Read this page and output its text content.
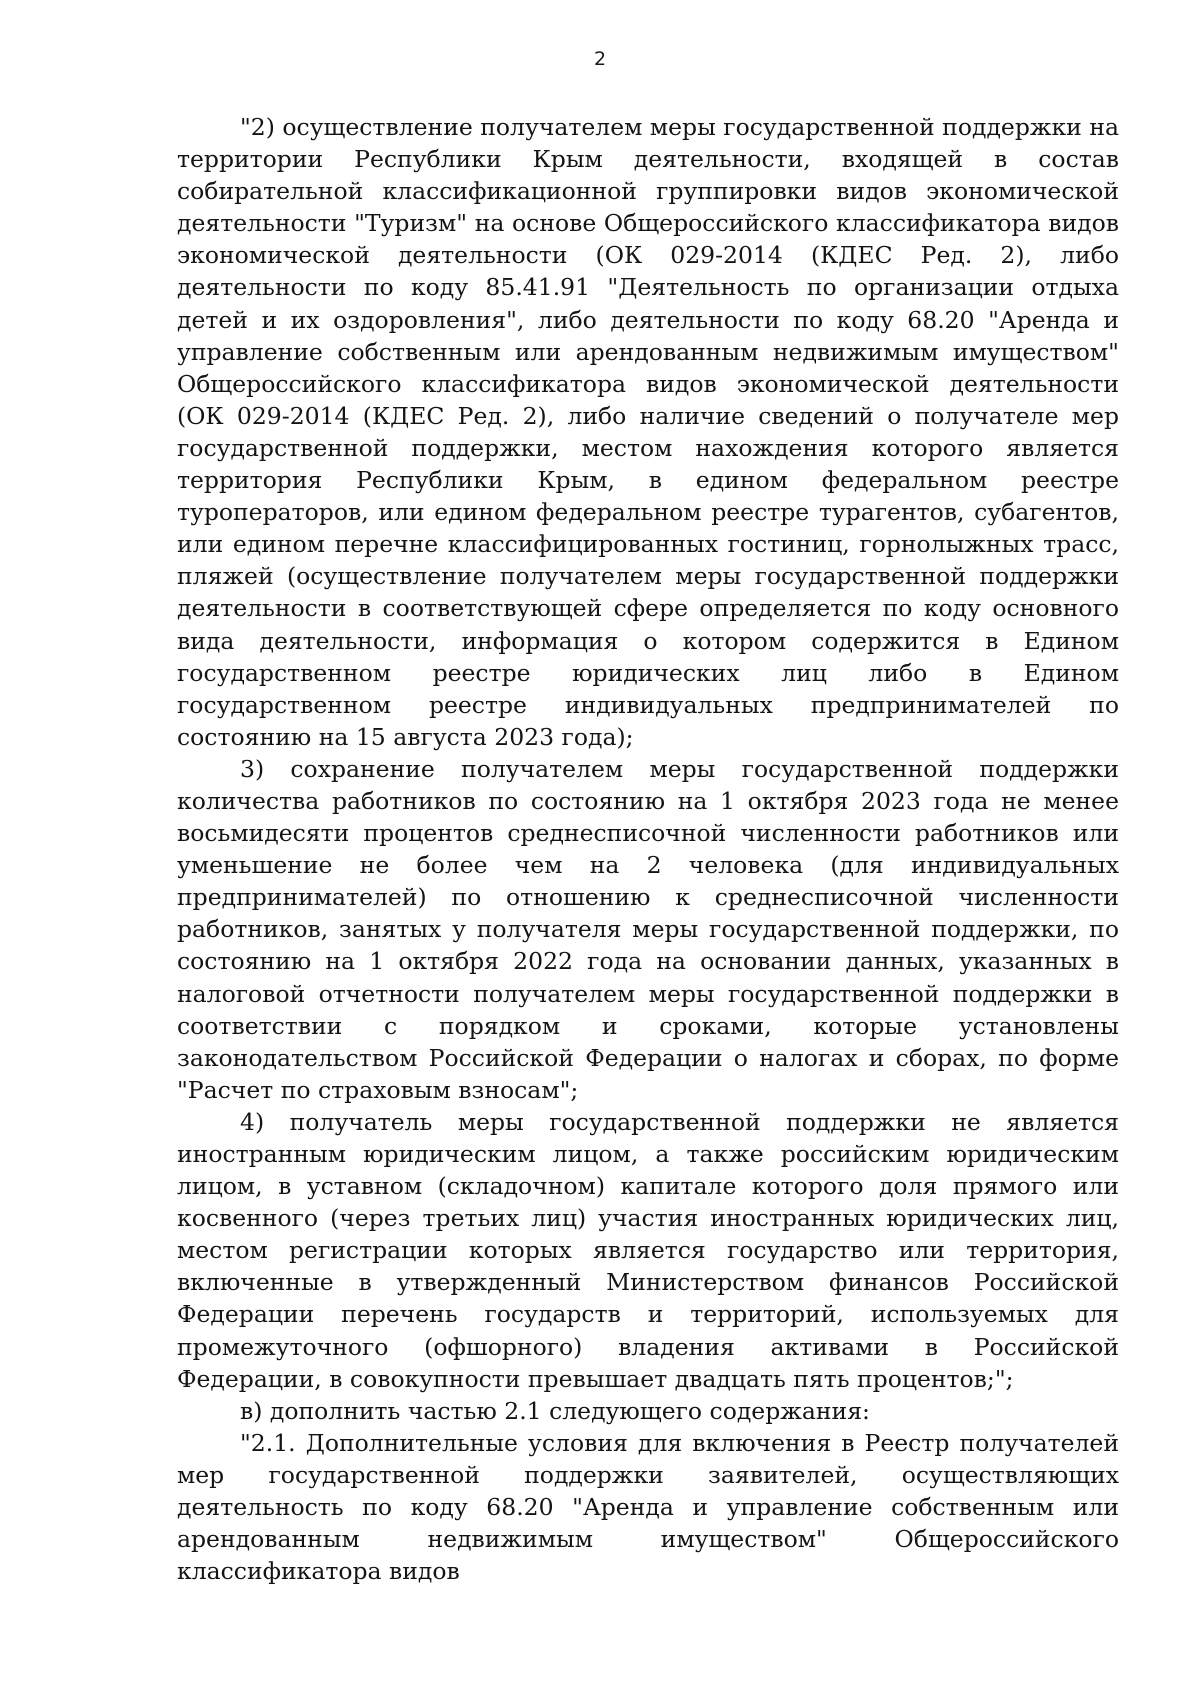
2

"2) осуществление получателем меры государственной поддержки на территории Республики Крым деятельности, входящей в состав собирательной классификационной группировки видов экономической деятельности "Туризм" на основе Общероссийского классификатора видов экономической деятельности (ОК 029-2014 (КДЕС Ред. 2), либо деятельности по коду 85.41.91 "Деятельность по организации отдыха детей и их оздоровления", либо деятельности по коду 68.20 "Аренда и управление собственным или арендованным недвижимым имуществом" Общероссийского классификатора видов экономической деятельности (ОК 029-2014 (КДЕС Ред. 2), либо наличие сведений о получателе мер государственной поддержки, местом нахождения которого является территория Республики Крым, в едином федеральном реестре туроператоров, или едином федеральном реестре турагентов, субагентов, или едином перечне классифицированных гостиниц, горнолыжных трасс, пляжей (осуществление получателем меры государственной поддержки деятельности в соответствующей сфере определяется по коду основного вида деятельности, информация о котором содержится в Едином государственном реестре юридических лиц либо в Едином государственном реестре индивидуальных предпринимателей по состоянию на 15 августа 2023 года);

3) сохранение получателем меры государственной поддержки количества работников по состоянию на 1 октября 2023 года не менее восьмидесяти процентов среднесписочной численности работников или уменьшение не более чем на 2 человека (для индивидуальных предпринимателей) по отношению к среднесписочной численности работников, занятых у получателя меры государственной поддержки, по состоянию на 1 октября 2022 года на основании данных, указанных в налоговой отчетности получателем меры государственной поддержки в соответствии с порядком и сроками, которые установлены законодательством Российской Федерации о налогах и сборах, по форме "Расчет по страховым взносам";

4) получатель меры государственной поддержки не является иностранным юридическим лицом, а также российским юридическим лицом, в уставном (складочном) капитале которого доля прямого или косвенного (через третьих лиц) участия иностранных юридических лиц, местом регистрации которых является государство или территория, включенные в утвержденный Министерством финансов Российской Федерации перечень государств и территорий, используемых для промежуточного (офшорного) владения активами в Российской Федерации, в совокупности превышает двадцать пять процентов;";

в) дополнить частью 2.1 следующего содержания:

"2.1. Дополнительные условия для включения в Реестр получателей мер государственной поддержки заявителей, осуществляющих деятельность по коду 68.20 "Аренда и управление собственным или арендованным недвижимым имуществом" Общероссийского классификатора видов
